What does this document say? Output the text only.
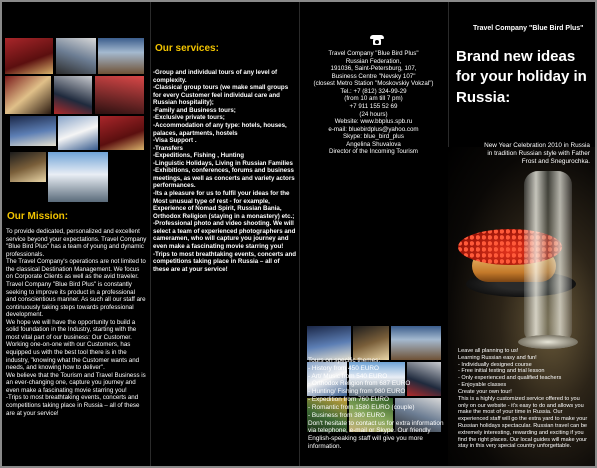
Our Mission:
To provide dedicated, personalized and excellent service beyond your expectations. Travel Company "Blue Bird Plus" has a team of young and dynamic professionals.
The Travel Company's operations are not limited to the classical Destination Management. We focus on Corporate Clients as well as the avid traveler.
Travel Company "Blue Bird Plus" is constantly seeking to improve its product in a professional and conscientious manner. As such all our staff are continuously taking steps towards professional development.
We hope we will have the opportunity to build a solid foundation in the Industry, starting with the most vital part of our business: Our Customer. Working one-on-one with our Customers, has equipped us with the best tool there is in the industry, "knowing what the Customer wants and needs, and knowing how to deliver".
We believe that the Tourism and Travel Business is an ever-changing one, capture you journey and even make a fascinating movie starring you!
-Trips to most breathtaking events, concerts and competitions taking place in Russia – all of these are at your service!
Our services:
-Group and individual tours of any level of complexity.
-Classical group tours (we make small groups for every Customer feel individual care and Russian hospitality);
-Family and Business tours;
-Exclusive private tours;
-Accommodation of any type: hotels, houses, palaces, apartments, hostels
-Visa Support .
-Transfers
-Expeditions, Fishing , Hunting
-Linguistic Holidays, Living in Russian Families
-Exhibitions, conferences, forums and business meetings, as well as concerts and variety actors performances.
-Its a pleasure for us to fulfil your ideas for the Most unusual type of rest - for example, Experience of Nomad Spirit, Russian Bania, Orthodox Religion (staying in a monastery) etc.;
-Professional photo and video shooting. We will select a team of experienced photographers and cameramen, who will capture you journey and even make a fascinating movie starring you!
-Trips to most breathtaking events, concerts and competitions taking place in Russia – all of these are at your service!
Travel Company "Blue Bird Plus"
Russian Federation,
191036, Saint-Petersburg, 107,
Business Centre "Nevsky 107"
(closest Metro Station "Moskovskiy Vokzal")
Tel.: +7 (812) 324-99-29
(from 10 am till 7 pm)
+7 911 155 52 69
(24 hours)
Website: www.bbplus.spb.ru
e-mail: bluebirdplus@yahoo.com
Skype: blue_bird_plus
Angelina Shuvalova
Director of the Incoming Tourism
Tours on specific themes:
- History from 450 EURO
- Art/ Music from 540 EURO
- Orthodox Religion from 687 EURO
- Hunting/ Fishing from 980 EURO
- Expedition from 760 EURO
- Romantic from 1580 EURO (couple)
- Business from 380 EURO
Don't hesitate to contact us for extra information via telephone, e-mail or Skype. Our friendly English-speaking staff will give you more information.
Travel Company "Blue Bird Plus"
Brand new ideas for your holiday in Russia:
New Year Celebration 2010 in Russia in tradition Russian style with Father Frost and Snegurochka.
Leave all planning to us!
Learning Russian easy and fun!
- Individually designed course
- Free initial testing and trial lesson
- Only experienced and qualified teachers
- Enjoyable classes
Create your own tour!
This is a highly customized service offered to you only on our website - it's easy to do and allows you make the most of your time in Russia. Our experienced staff will go the extra yard to make your Russian holidays spectacular. Russian travel can be extremely interesting, rewarding and exciting if you find the right places. Our local guides will make your stay in this very special country unforgettable.
